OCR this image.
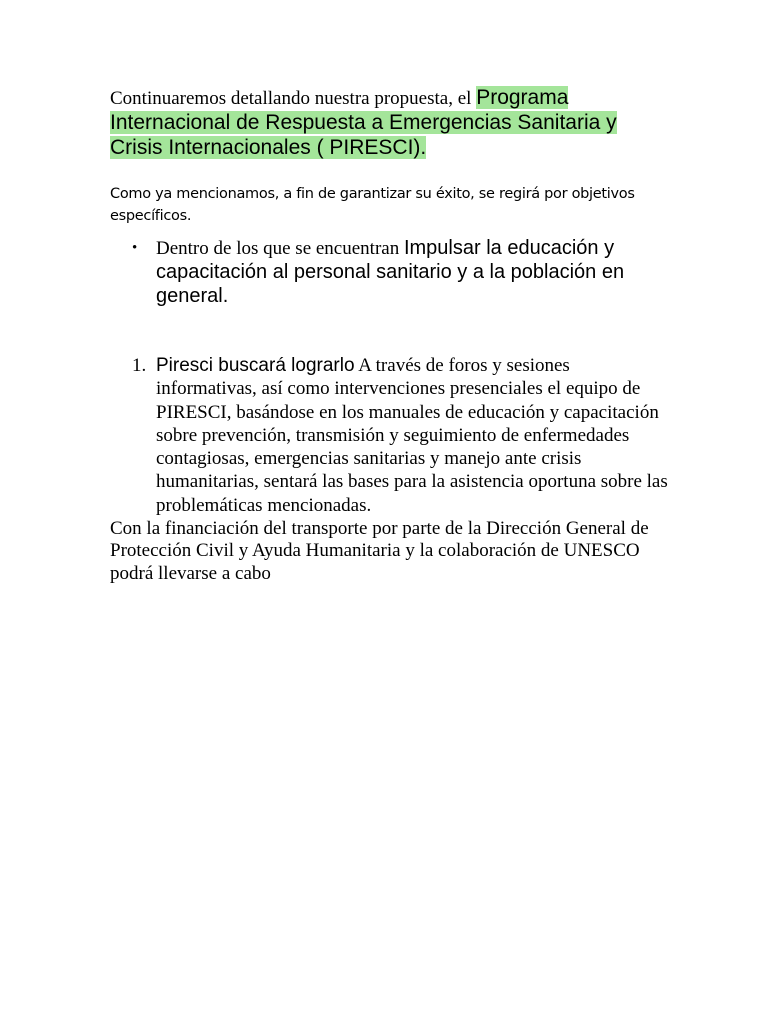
Continuaremos detallando nuestra propuesta, el Programa Internacional de Respuesta a Emergencias Sanitaria y Crisis Internacionales ( PIRESCI).

Como ya mencionamos, a fin de garantizar su éxito, se regirá por objetivos específicos.

• Dentro de los que se encuentran Impulsar la educación y capacitación al personal sanitario y a la población en general.
1. Piresci buscará lograrlo A través de foros y sesiones informativas, así como intervenciones presenciales el equipo de PIRESCI, basándose en los manuales de educación y capacitación sobre prevención, transmisión y seguimiento de enfermedades contagiosas, emergencias sanitarias y manejo ante crisis humanitarias, sentará las bases para la asistencia oportuna sobre las problemáticas mencionadas.

Con la financiación del transporte por parte de la Dirección General de Protección Civil y Ayuda Humanitaria y la colaboración de UNESCO podrá llevarse a cabo
